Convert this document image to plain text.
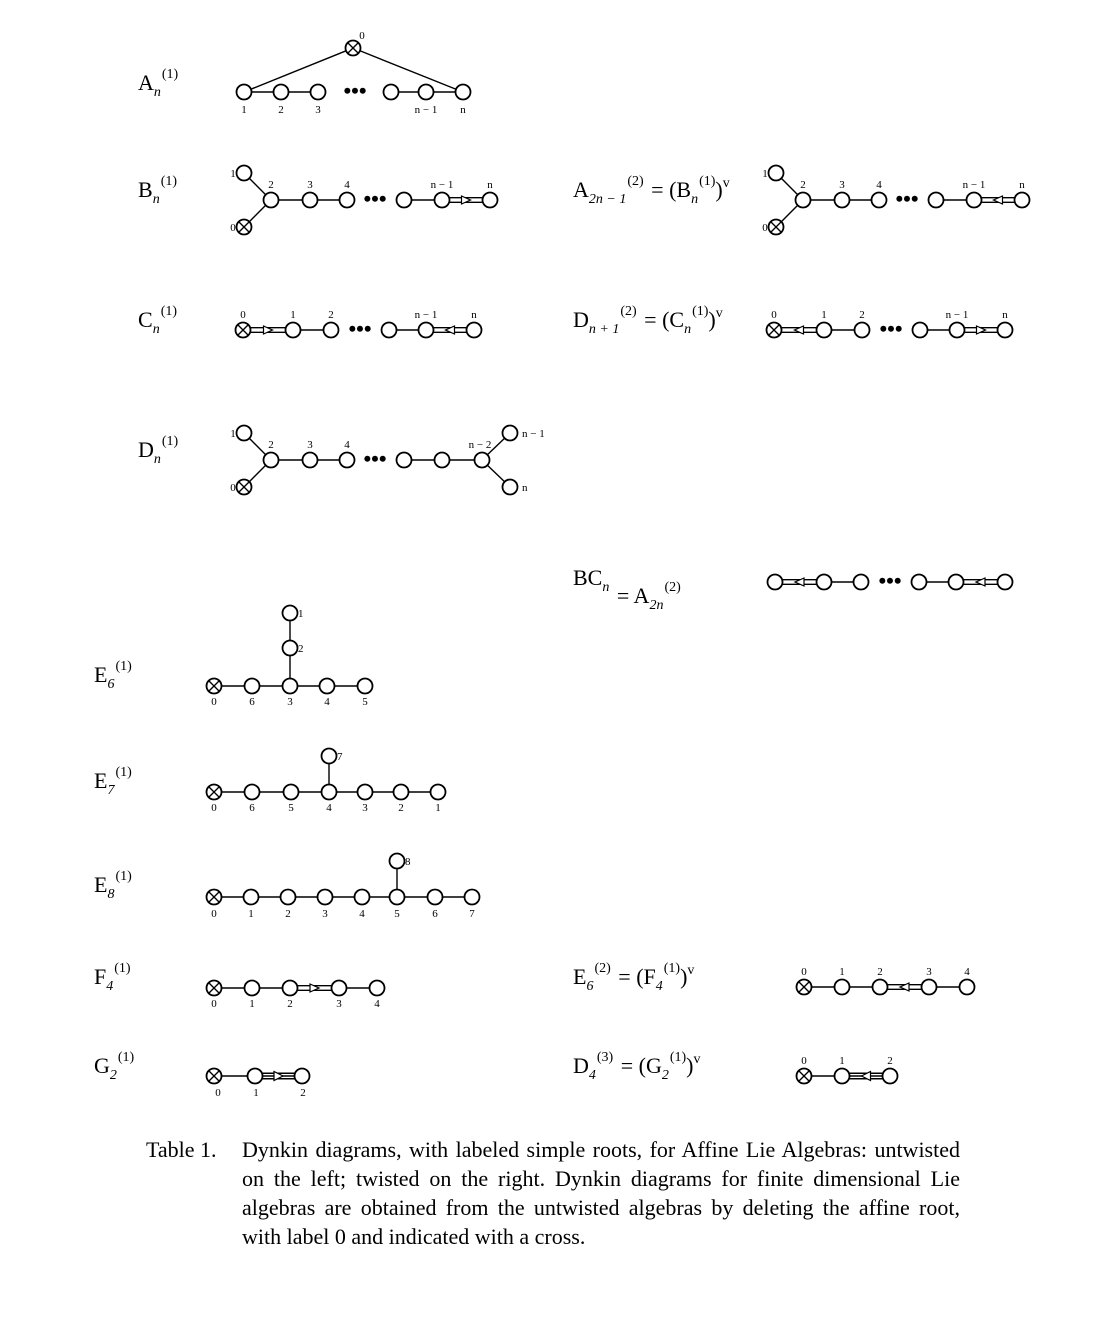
$A_n^{(1)}$
•••
0
1	2	3	n − 1 n
$B_n^{(1)}$
•••
1
0
2	3	4	n − 1	n	$A_{2n - 1}^{(2)} = (B_n^{(1)})^v$
•••
1
0
2	3	4	n − 1	n
$C_n^{(1)}$
•••
0	1	2	n − 1	n	$D_{n + 1}^{(2)} = (C_n^{(1)})^v$
•••
0	1	2	n − 1	n
$D_n^{(1)}$
•••
1
0
2	3	4	n − 2
n − 1
n
$BC_n = A_{2n}^{(2)}$	•••
$E_6^{(1)}$
1
2
0	6	3	4	5
$E_7^{(1)}$
7
0	6	5	4	3	2	1
$E_8^{(1)}$
8
0	1	2	3	4	5	6	7
$F_4^{(1)}$
0	1	2	3	4
$E_6^{(2)} = (F_4^{(1)})^v$	0	1	2	3	4
$G_2^{(1)}$
0	1	2
$D_4^{(3)} = (G_2^{(1)})^v$	0	1	2
Table 1. Dynkin diagrams, with labeled simple roots, for Affine Lie Algebras: untwisted on the left; twisted on the right. Dynkin diagrams for finite dimensional Lie algebras are obtained from the untwisted algebras by deleting the affine root, with label 0 and indicated with a cross.
